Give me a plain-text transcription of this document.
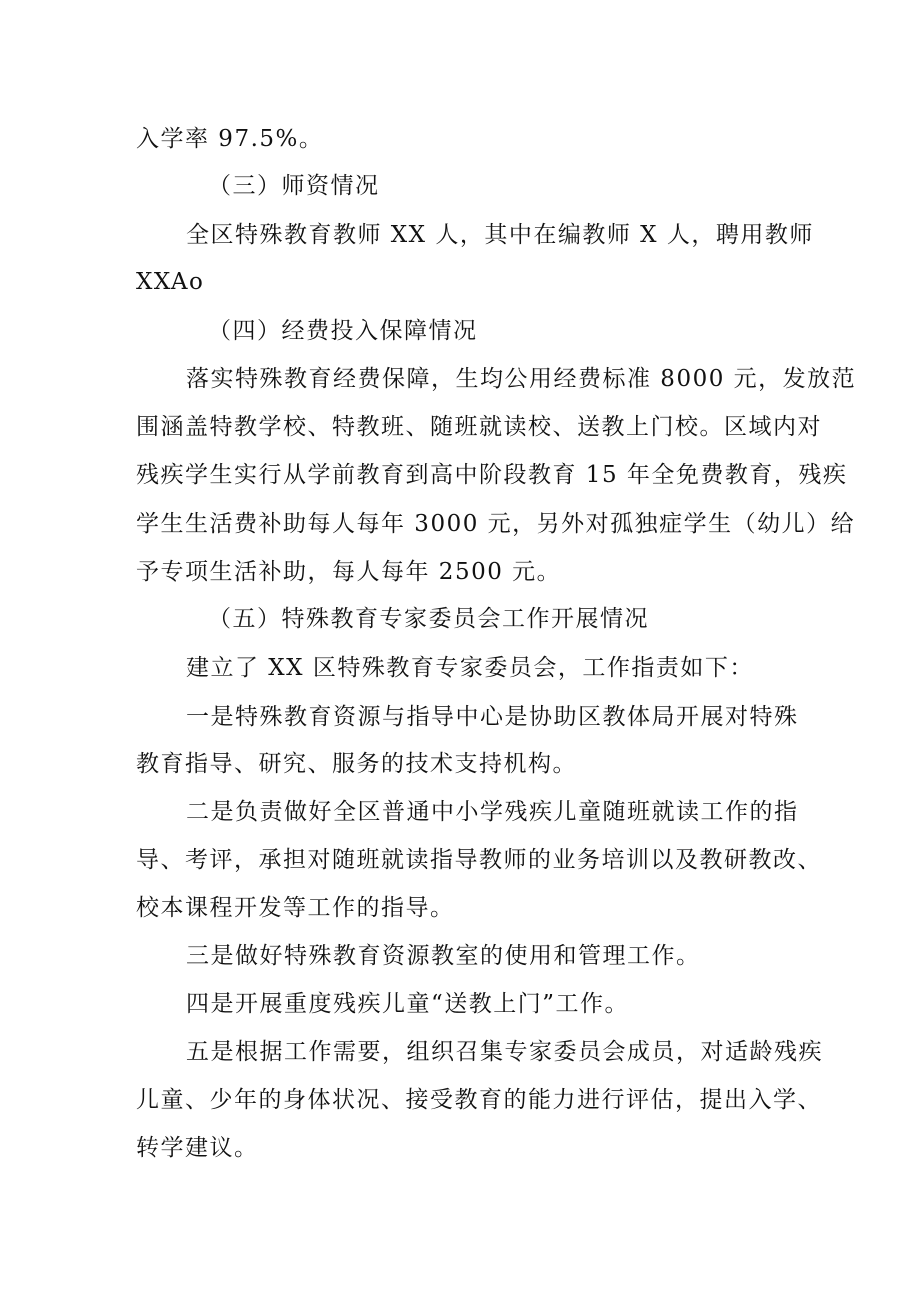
入学率 97.5%。
（三）师资情况
全区特殊教育教师 XX 人，其中在编教师 X 人，聘用教师
XXAo
（四）经费投入保障情况
落实特殊教育经费保障，生均公用经费标准 8000 元，发放范
围涵盖特教学校、特教班、随班就读校、送教上门校。区域内对
残疾学生实行从学前教育到高中阶段教育 15 年全免费教育，残疾
学生生活费补助每人每年 3000 元，另外对孤独症学生（幼儿）给
予专项生活补助，每人每年 2500 元。
（五）特殊教育专家委员会工作开展情况
建立了 XX 区特殊教育专家委员会，工作指责如下：
一是特殊教育资源与指导中心是协助区教体局开展对特殊
教育指导、研究、服务的技术支持机构。
二是负责做好全区普通中小学残疾儿童随班就读工作的指
导、考评，承担对随班就读指导教师的业务培训以及教研教改、
校本课程开发等工作的指导。
三是做好特殊教育资源教室的使用和管理工作。
四是开展重度残疾儿童“送教上门”工作。
五是根据工作需要，组织召集专家委员会成员，对适龄残疾
儿童、少年的身体状况、接受教育的能力进行评估，提出入学、
转学建议。
